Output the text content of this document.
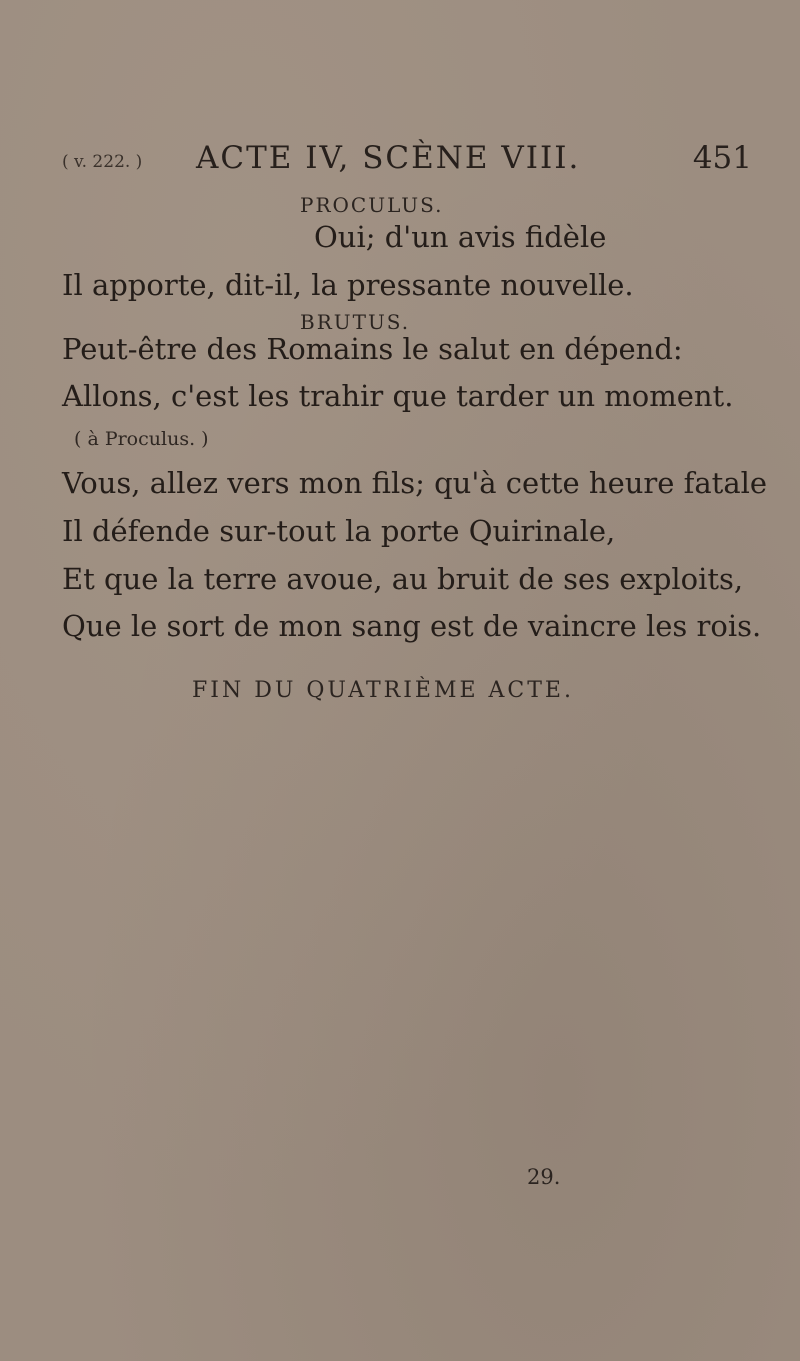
( v. 222. ) ACTE IV, SCÈNE VIII.	451
PROCULUS.
Oui; d'un avis fidèle
Il apporte, dit-il, la pressante nouvelle.
BRUTUS.
Peut-être des Romains le salut en dépend:
Allons, c'est les trahir que tarder un moment.
( à Proculus. )
Vous, allez vers mon fils; qu'à cette heure fatale
Il défende sur-tout la porte Quirinale,
Et que la terre avoue, au bruit de ses exploits,
Que le sort de mon sang est de vaincre les rois.
FIN DU QUATRIÈME ACTE.
29.
